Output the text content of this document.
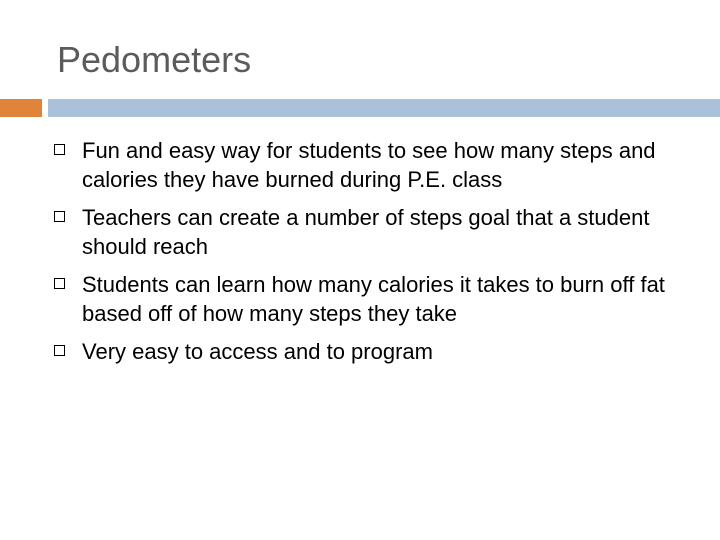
Pedometers
Fun and easy way for students to see how many steps and calories they have burned during P.E. class
Teachers can create a number of steps goal that a student should reach
Students can learn how many calories it takes to burn off fat based off of how many steps they take
Very easy to access and to program
